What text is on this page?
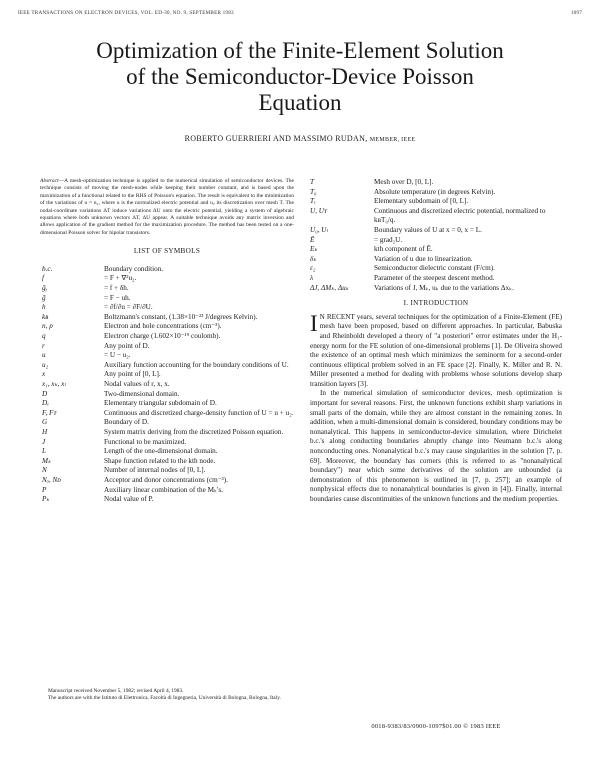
IEEE TRANSACTIONS ON ELECTRON DEVICES, VOL. ED-30, NO. 9, SEPTEMBER 1983	1097
Optimization of the Finite-Element Solution
of the Semiconductor-Device Poisson
Equation
ROBERTO GUERRIERI AND MASSIMO RUDAN, MEMBER, IEEE
Abstract—A mesh-optimization technique is applied to the numerical simulation of semiconductor devices. The technique consists of moving the mesh-nodes while keeping their number constant, and is based upon the maximization of a functional related to the RHS of Poisson's equation. The result is equivalent to the minimization of the variations of u = n₂, where u is the normalized electric potential and u₂ its discretization over mesh T. The nodal-coordinate variations ΔT induce variations ΔU onto the electric potential, yielding a system of algebraic equations where both unknown vectors ΔT, ΔU appear. A suitable technique avoids any matrix inversion and allows application of the gradient method for the maximization procedure. The method has been tested on a one-dimensional Poisson solver for bipolar transistors.
LIST OF SYMBOLS
b.c.	Boundary condition.
f	= F + ∇²u₂.
ḡᵧ	= f + δh.
ḡ	= F − uh.
h	= ∂f/∂u = ∂F/∂U.
kʙ	Boltzmann's constant, (1.38×10⁻²³ J/degrees Kelvin).
n, p	Electron and hole concentrations (cm⁻³).
q	Electron charge (1.602×10⁻¹⁹ coulomb).
r	Any point of D.
u	= U − u₂.
u₂	Auxiliary function accounting for the boundary conditions of U.
x	Any point of [0, L].
x₁, xₖ, xₗ	Nodal values of r, x, x.
D	Two-dimensional domain.
Dₑ	Elementary triangular subdomain of D.
F, Fᴛ	Continuous and discretized charge-density function of U = u + u₂.
G	Boundary of D.
H	System matrix deriving from the discretized Poisson equation.
J	Functional to be maximized.
L	Length of the one-dimensional domain.
Mₖ	Shape function related to the kth node.
N	Number of internal nodes of [0, L].
Nₐ, Nᴅ	Acceptor and donor concentrations (cm⁻³).
P	Auxiliary linear combination of the Mₖ's.
Pₖ	Nodal value of P.
T	Mesh over D, [0, L].
T₀	Absolute temperature (in degrees Kelvin).
Tₑ	Elementary subdomain of [0, L].
U, Uᴛ	Continuous and discretized electric potential, normalized to kʙT₀/q.
U₀, Uₗ	Boundary values of U at x = 0, x = L.
Ē	= grad₂U.
Eₖ	kth component of Ē.
δₖ	Variation of u due to linearization.
ε₂	Semiconductor dielectric constant (F/cm).
λ	Parameter of the steepest descent method.
ΔJ, ΔMₖ, Δuₖ	Variations of J, Mₖ, uₖ due to the variations Δxₖ.
I. INTRODUCTION

I N RECENT years, several techniques for the optimization of a Finite-Element (FE) mesh have been proposed, based on different approaches. In particular, Babuska and Rheinboldt developed a theory of "a posteriori" error estimates under the H₁-energy norm for the FE solution of one-dimensional problems [1]. De Oliveira showed the existence of an optimal mesh which minimizes the seminorm for a second-order continuous elliptical problem solved in an FE space [2]. Finally, K. Miller and R. N. Miller presented a method for dealing with problems whose solutions develop sharp transition layers [3].

In the numerical simulation of semiconductor devices, mesh optimization is important for several reasons. First, the unknown functions exhibit sharp variations in small parts of the domain, while they are almost constant in the remaining zones. In addition, when a multi-dimensional domain is considered, boundary conditions may be nonanalytical. This happens in semiconductor-device simulation, where Dirichelet b.c.'s along conducting boundaries abruptly change into Neumann b.c.'s along nonconducting ones. Nonanalytical b.c.'s may cause singularities in the solution [7, p. 69]. Moreover, the boundary has corners (this is referred to as "nonanalytical boundary") near which some derivatives of the solution are unbounded (a demonstration of this phenomenon is outlined in [7, p. 257]; an example of nonphysical effects due to nonanalytical boundaries is given in [4]). Finally, internal boundaries cause discontinuities of the unknown functions and the medium properties.

Manuscript received November 5, 1982; revised April 4, 1983.

The authors are with the Istituto di Elettronica, Facoltà di Ingegneria, Università di Bologna, Bologna, Italy.

0018-9383/83/0900-1097$01.00 © 1983 IEEE
